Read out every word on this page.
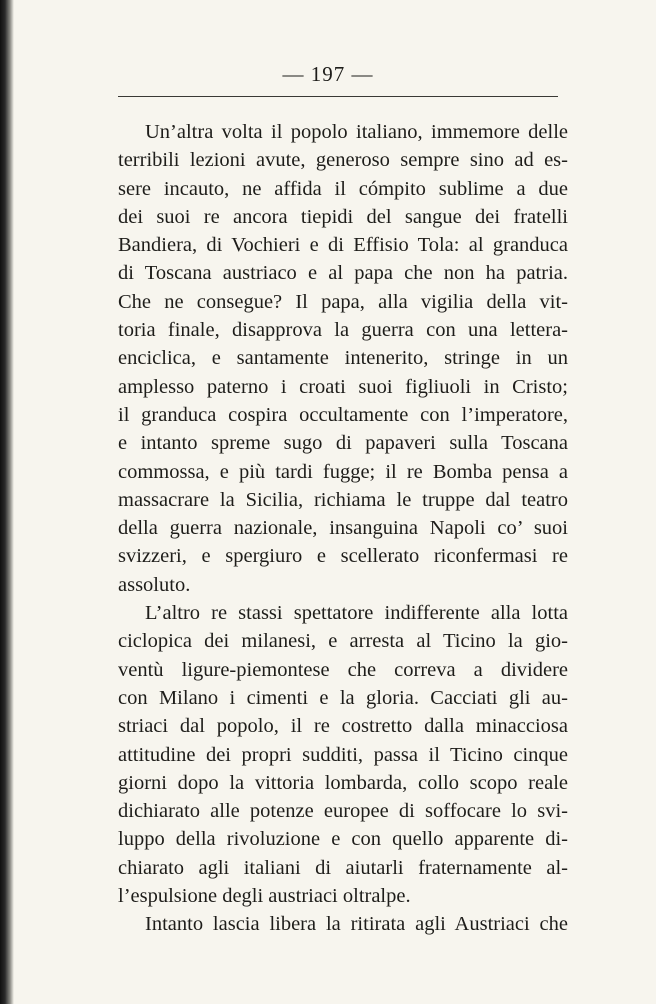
— 197 —
Un’altra volta il popolo italiano, immemore delle
terribili lezioni avute, generoso sempre sino ad es-
sere incauto, ne affida il cómpito sublime a due
dei suoi re ancora tiepidi del sangue dei fratelli
Bandiera, di Vochieri e di Effisio Tola: al granduca
di Toscana austriaco e al papa che non ha patria.
Che ne consegue? Il papa, alla vigilia della vit-
toria finale, disapprova la guerra con una lettera-
enciclica, e santamente intenerito, stringe in un
amplesso paterno i croati suoi figliuoli in Cristo;
il granduca cospira occultamente con l’imperatore,
e intanto spreme sugo di papaveri sulla Toscana
commossa, e più tardi fugge; il re Bomba pensa a
massacrare la Sicilia, richiama le truppe dal teatro
della guerra nazionale, insanguina Napoli co’ suoi
svizzeri, e spergiuro e scellerato riconfermasi re
assoluto.
L’altro re stassi spettatore indifferente alla lotta
ciclopica dei milanesi, e arresta al Ticino la gio-
ventù ligure-piemontese che correva a dividere
con Milano i cimenti e la gloria. Cacciati gli au-
striaci dal popolo, il re costretto dalla minacciosa
attitudine dei propri sudditi, passa il Ticino cinque
giorni dopo la vittoria lombarda, collo scopo reale
dichiarato alle potenze europee di soffocare lo svi-
luppo della rivoluzione e con quello apparente di-
chiarato agli italiani di aiutarli fraternamente al-
l’espulsione degli austriaci oltralpe.
Intanto lascia libera la ritirata agli Austriaci che
